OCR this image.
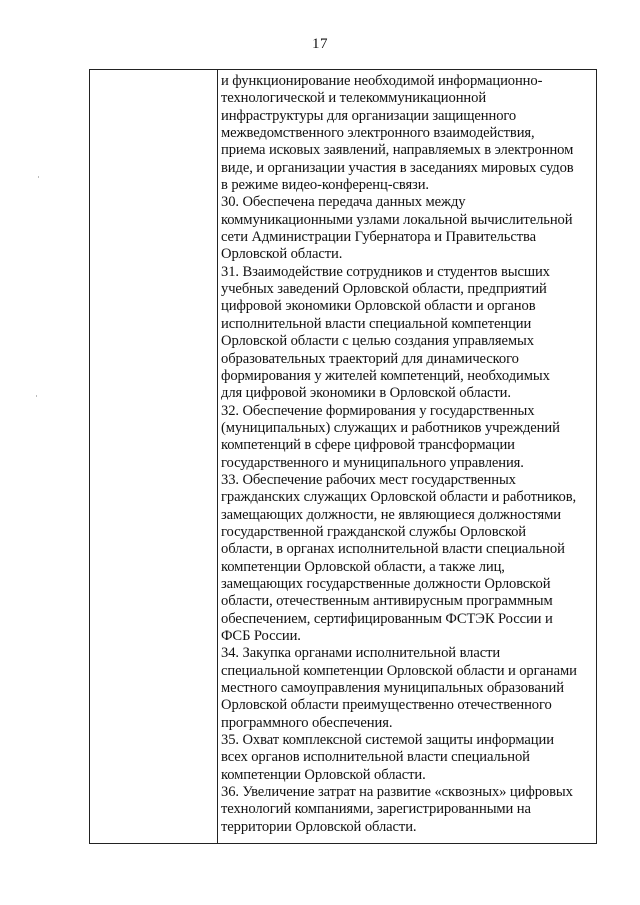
17
и функционирование необходимой информационно-
технологической и телекоммуникационной
инфраструктуры для организации защищенного
межведомственного электронного взаимодействия,
приема исковых заявлений, направляемых в электронном
виде, и организации участия в заседаниях мировых судов
в режиме видео-конференц-связи.
30. Обеспечена передача данных между
коммуникационными узлами локальной вычислительной
сети Администрации Губернатора и Правительства
Орловской области.
31. Взаимодействие сотрудников и студентов высших
учебных заведений Орловской области, предприятий
цифровой экономики Орловской области и органов
исполнительной власти специальной компетенции
Орловской области с целью создания управляемых
образовательных траекторий для динамического
формирования у жителей компетенций, необходимых
для цифровой экономики в Орловской области.
32. Обеспечение формирования у государственных
(муниципальных) служащих и работников учреждений
компетенций в сфере цифровой трансформации
государственного и муниципального управления.
33. Обеспечение рабочих мест государственных
гражданских служащих Орловской области и работников,
замещающих должности, не являющиеся должностями
государственной гражданской службы Орловской
области, в органах исполнительной власти специальной
компетенции Орловской области, а также лиц,
замещающих государственные должности Орловской
области, отечественным антивирусным программным
обеспечением, сертифицированным ФСТЭК России и
ФСБ России.
34. Закупка органами исполнительной власти
специальной компетенции Орловской области и органами
местного самоуправления муниципальных образований
Орловской области преимущественно отечественного
программного обеспечения.
35. Охват комплексной системой защиты информации
всех органов исполнительной власти специальной
компетенции Орловской области.
36. Увеличение затрат на развитие «сквозных» цифровых
технологий компаниями, зарегистрированными на
территории Орловской области.
